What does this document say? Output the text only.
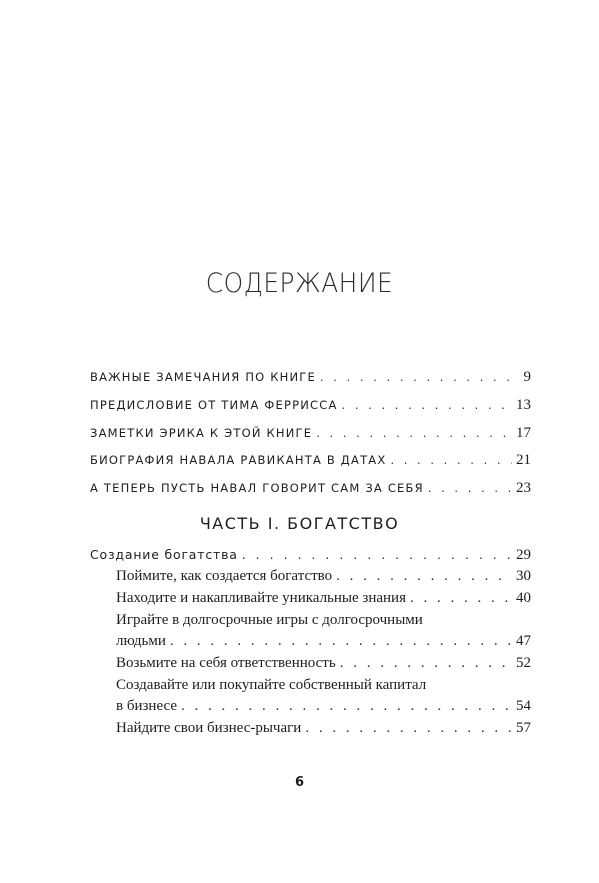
СОДЕРЖАНИЕ
ВАЖНЫЕ ЗАМЕЧАНИЯ ПО КНИГЕ . . .	9
ПРЕДИСЛОВИЕ ОТ ТИМА ФЕРРИССA . . .	13
ЗАМЕТКИ ЭРИКА К ЭТОЙ КНИГЕ . . .	17
БИОГРАФИЯ НАВАЛА РАВИКАНТА В ДАТАХ . . .	21
А ТЕПЕРЬ ПУСТЬ НАВАЛ ГОВОРИТ САМ ЗА СЕБЯ . . .	23
ЧАСТЬ I. БОГАТСТВО
Создание богатства . . .	29
Поймите, как создается богатство . . .	30
Находите и накапливайте уникальные знания . . .	40
Играйте в долгосрочные игры с долгосрочными
людьми . . .	47
Возьмите на себя ответственность . . .	52
Создавайте или покупайте собственный капитал
в бизнесе . . .	54
Найдите свои бизнес-рычаги . . .	57
6
